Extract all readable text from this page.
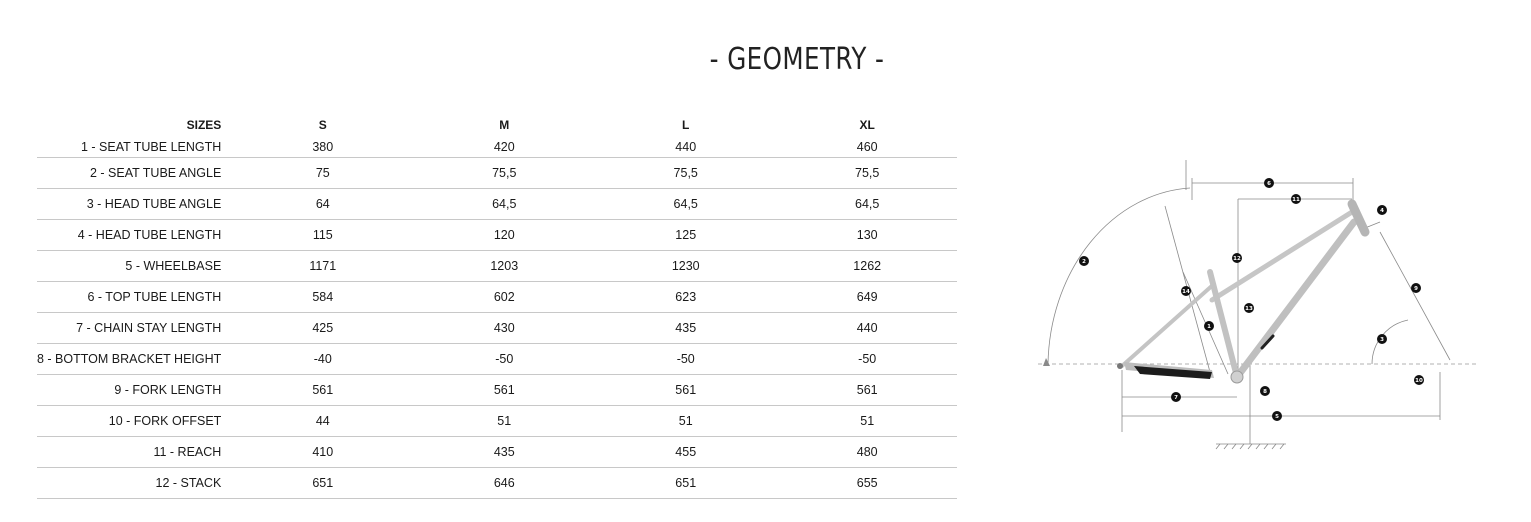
- GEOMETRY -
SIZES	S	M	L	XL	
1 - SEAT TUBE LENGTH	380	420	440	460	
2 - SEAT TUBE ANGLE	75	75,5	75,5	75,5	
3 - HEAD TUBE ANGLE	64	64,5	64,5	64,5	
4 - HEAD TUBE LENGTH	115	120	125	130	
5 - WHEELBASE	1171	1203	1230	1262	
6 - TOP TUBE LENGTH	584	602	623	649	
7 - CHAIN STAY LENGTH	425	430	435	440	
8 - BOTTOM BRACKET HEIGHT	-40	-50	-50	-50	
9 - FORK LENGTH	561	561	561	561	
10 - FORK OFFSET	44	51	51	51	
11 - REACH	410	435	455	480	
12 - STACK	651	646	651	655	
1
2
3
4
5
6
7
8
9
10
11
12
13
14
